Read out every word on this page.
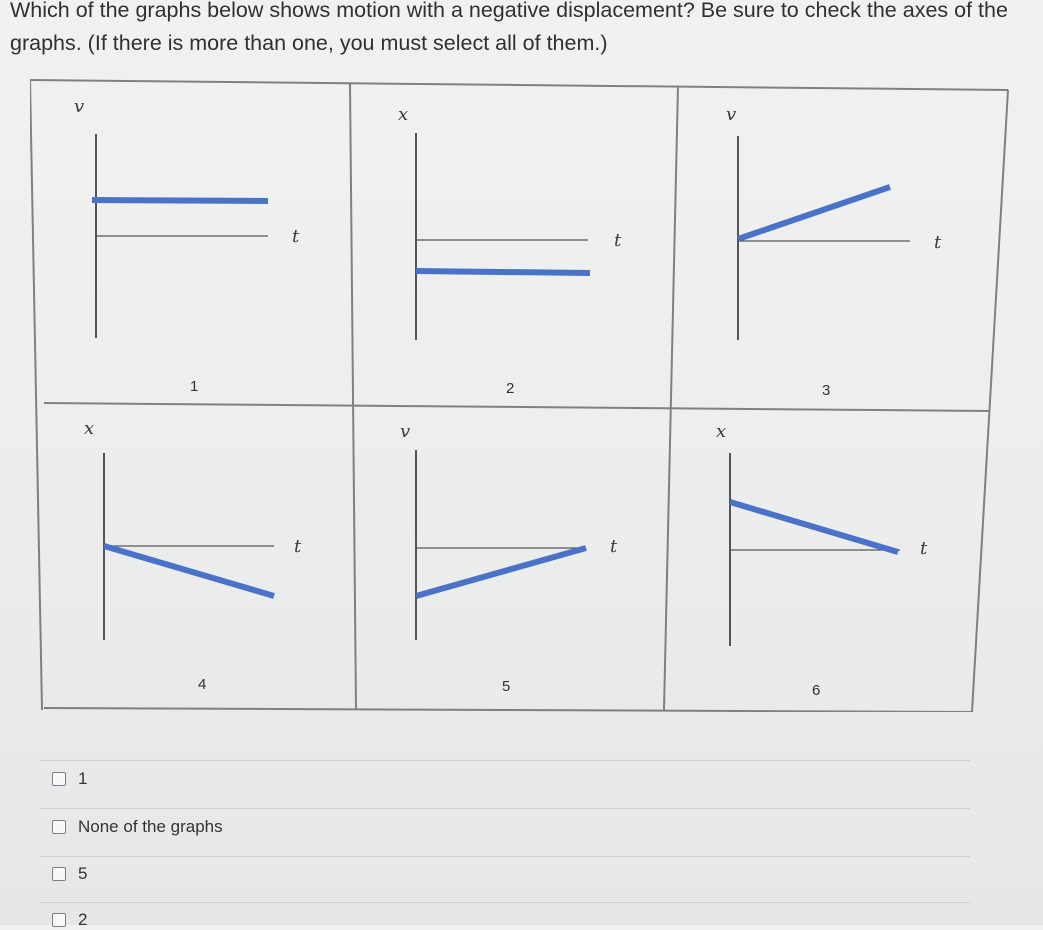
Which of the graphs below shows motion with a negative displacement? Be sure to check the axes of the graphs. (If there is more than one, you must select all of them.)
v
t
1
x
t
2
v
t
3
x
t
4
v
t
5
x
t
6
1
None of the graphs
5
2
